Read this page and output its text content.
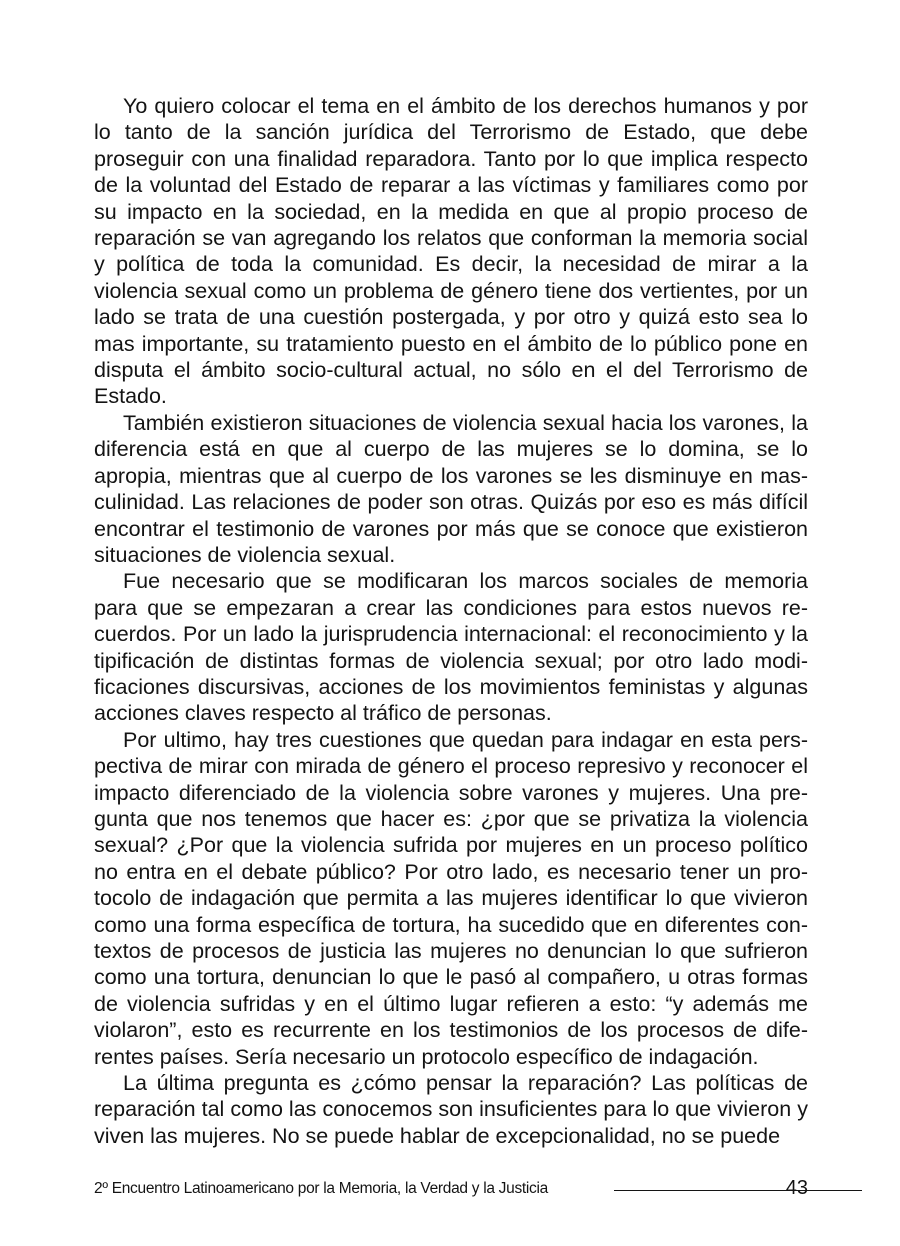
Yo quiero colocar el tema en el ámbito de los derechos humanos y por lo tanto de la sanción jurídica del Terrorismo de Estado, que debe proseguir con una finalidad reparadora. Tanto por lo que implica respecto de la voluntad del Estado de reparar a las víctimas y familiares como por su impacto en la sociedad, en la medida en que al propio proceso de reparación se van agregando los relatos que conforman la memoria social y política de toda la comunidad. Es decir, la necesidad de mirar a la violencia sexual como un problema de género tiene dos vertientes, por un lado se trata de una cuestión postergada, y por otro y quizá esto sea lo mas importante, su tratamiento puesto en el ámbito de lo público pone en disputa el ámbito socio-cultural actual, no sólo en el del Terrorismo de Estado.

También existieron situaciones de violencia sexual hacia los varones, la diferencia está en que al cuerpo de las mujeres se lo domina, se lo apropia, mientras que al cuerpo de los varones se les disminuye en masculinidad. Las relaciones de poder son otras. Quizás por eso es más difícil encontrar el testimonio de varones por más que se conoce que existieron situaciones de violencia sexual.

Fue necesario que se modificaran los marcos sociales de memoria para que se empezaran a crear las condiciones para estos nuevos recuerdos. Por un lado la jurisprudencia internacional: el reconocimiento y la tipificación de distintas formas de violencia sexual; por otro lado modificaciones discursivas, acciones de los movimientos feministas y algunas acciones claves respecto al tráfico de personas.

Por ultimo, hay tres cuestiones que quedan para indagar en esta perspectiva de mirar con mirada de género el proceso represivo y reconocer el impacto diferenciado de la violencia sobre varones y mujeres. Una pregunta que nos tenemos que hacer es: ¿por que se privatiza la violencia sexual? ¿Por que la violencia sufrida por mujeres en un proceso político no entra en el debate público? Por otro lado, es necesario tener un protocolo de indagación que permita a las mujeres identificar lo que vivieron como una forma específica de tortura, ha sucedido que en diferentes contextos de procesos de justicia las mujeres no denuncian lo que sufrieron como una tortura, denuncian lo que le pasó al compañero, u otras formas de violencia sufridas y en el último lugar refieren a esto: “y además me violaron”, esto es recurrente en los testimonios de los procesos de diferentes países. Sería necesario un protocolo específico de indagación.

La última pregunta es ¿cómo pensar la reparación? Las políticas de reparación tal como las conocemos son insuficientes para lo que vivieron y viven las mujeres. No se puede hablar de excepcionalidad, no se puede

2º Encuentro Latinoamericano por la Memoria, la Verdad y la Justicia	43
